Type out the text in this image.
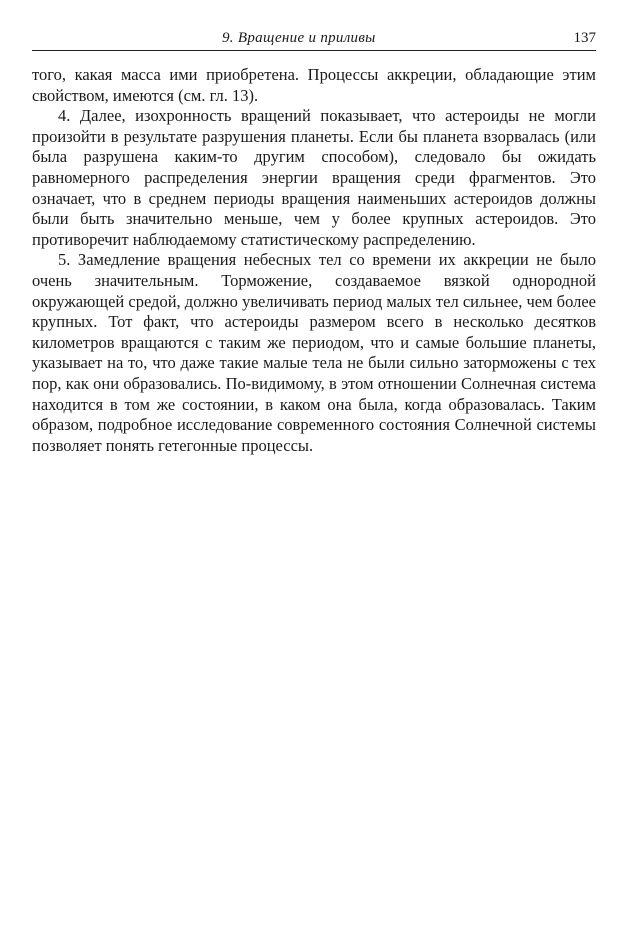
9. Вращение и приливы	137

того, какая масса ими приобретена. Процессы аккреции, обладающие этим свойством, имеются (см. гл. 13).

4. Далее, изохронность вращений показывает, что астероиды не могли произойти в результате разрушения планеты. Если бы планета взорвалась (или была разрушена каким-то другим способом), следовало бы ожидать равномерного распределения энергии вращения среди фрагментов. Это означает, что в среднем периоды вращения наименьших астероидов должны были быть значительно меньше, чем у более крупных астероидов. Это противоречит наблюдаемому статистическому распределению.

5. Замедление вращения небесных тел со времени их аккреции не было очень значительным. Торможение, создаваемое вязкой однородной окружающей средой, должно увеличивать период малых тел сильнее, чем более крупных. Тот факт, что астероиды размером всего в несколько десятков километров вращаются с таким же периодом, что и самые большие планеты, указывает на то, что даже такие малые тела не были сильно заторможены с тех пор, как они образовались. По-видимому, в этом отношении Солнечная система находится в том же состоянии, в каком она была, когда образовалась. Таким образом, подробное исследование современного состояния Солнечной системы позволяет понять гетегонные процессы.
